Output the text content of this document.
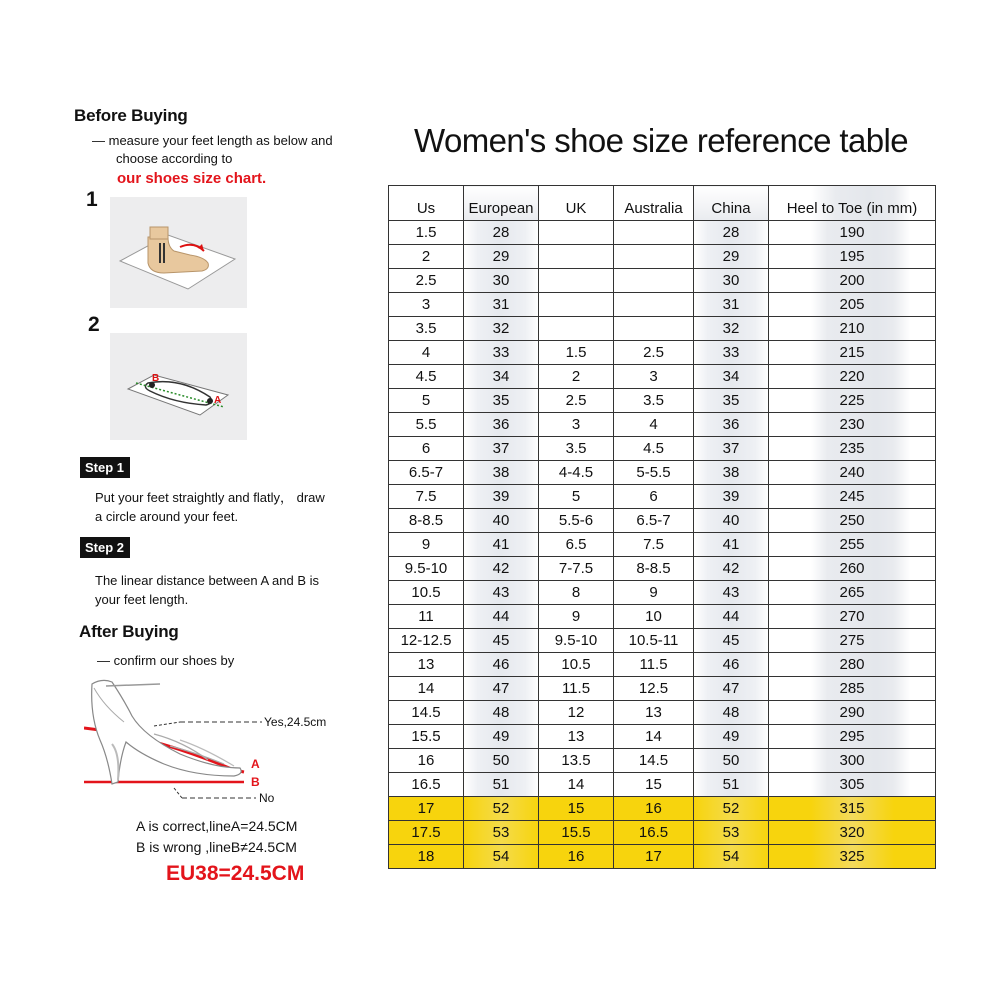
Before Buying
— measure your feet length as below and
choose according to
our shoes size chart.
1
2
B
A
Step 1
Put your feet straightly and flatly， draw
a circle around your feet.
Step 2
The linear distance between A and B is
your feet length.
After Buying
— confirm our shoes by
Yes,24.5cm
No
A
B
A is correct,lineA=24.5CM
B is wrong ,lineB≠24.5CM
EU38=24.5CM
Women's shoe size reference table
Us	European	UK	Australia	China	Heel to Toe (in mm)
1.5	28			28	190
2	29			29	195
2.5	30			30	200
3	31			31	205
3.5	32			32	210
4	33	1.5	2.5	33	215
4.5	34	2	3	34	220
5	35	2.5	3.5	35	225
5.5	36	3	4	36	230
6	37	3.5	4.5	37	235
6.5-7	38	4-4.5	5-5.5	38	240
7.5	39	5	6	39	245
8-8.5	40	5.5-6	6.5-7	40	250
9	41	6.5	7.5	41	255
9.5-10	42	7-7.5	8-8.5	42	260
10.5	43	8	9	43	265
11	44	9	10	44	270
12-12.5	45	9.5-10	10.5-11	45	275
13	46	10.5	11.5	46	280
14	47	11.5	12.5	47	285
14.5	48	12	13	48	290
15.5	49	13	14	49	295
16	50	13.5	14.5	50	300
16.5	51	14	15	51	305
17	52	15	16	52	315
17.5	53	15.5	16.5	53	320
18	54	16	17	54	325
